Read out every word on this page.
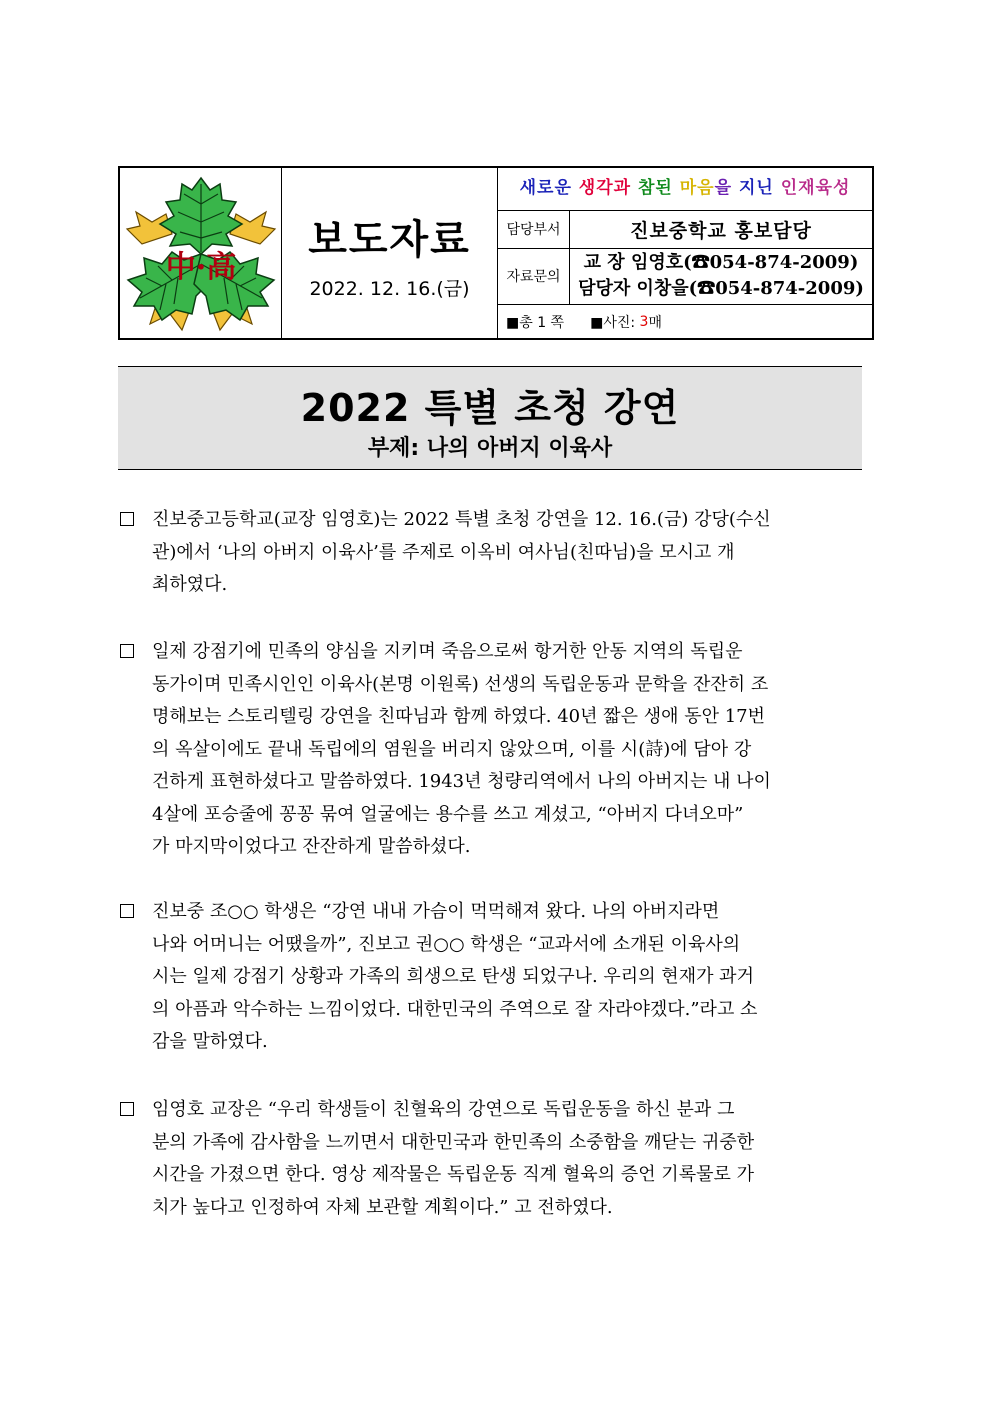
中·高
보도자료
2022. 12. 16.(금)
새로운 생각과 참된 마음을 지닌 인재육성
담당부서	진보중학교 홍보담당
자료문의
교 장 임영호(☎054-874-2009)
담당자 이창을(☎054-874-2009)
■총 1 쪽 ■사진:
3 매
2022 특별 초청 강연
부제: 나의 아버지 이육사
진보중고등학교(교장 임영호)는 2022 특별 초청 강연을 12. 16.(금) 강당(수신
관)에서 ‘나의 아버지 이육사’를 주제로 이옥비 여사님(친따님)을 모시고 개
최하였다.
일제 강점기에 민족의 양심을 지키며 죽음으로써 항거한 안동 지역의 독립운
동가이며 민족시인인 이육사(본명 이원록) 선생의 독립운동과 문학을 잔잔히 조
명해보는 스토리텔링 강연을 친따님과 함께 하였다. 40년 짧은 생애 동안 17번
의 옥살이에도 끝내 독립에의 염원을 버리지 않았으며, 이를 시(詩)에 담아 강
건하게 표현하셨다고 말씀하였다. 1943년 청량리역에서 나의 아버지는 내 나이
4살에 포승줄에 꽁꽁 묶여 얼굴에는 용수를 쓰고 계셨고, “아버지 다녀오마”
가 마지막이었다고 잔잔하게 말씀하셨다.
진보중 조○○ 학생은 “강연 내내 가슴이 먹먹해져 왔다. 나의 아버지라면
나와 어머니는 어땠을까”, 진보고 권○○ 학생은 “교과서에 소개된 이육사의
시는 일제 강점기 상황과 가족의 희생으로 탄생 되었구나. 우리의 현재가 과거
의 아픔과 악수하는 느낌이었다. 대한민국의 주역으로 잘 자라야겠다.”라고 소
감을 말하였다.
임영호 교장은 “우리 학생들이 친혈육의 강연으로 독립운동을 하신 분과 그
분의 가족에 감사함을 느끼면서 대한민국과 한민족의 소중함을 깨닫는 귀중한
시간을 가졌으면 한다. 영상 제작물은 독립운동 직계 혈육의 증언 기록물로 가
치가 높다고 인정하여 자체 보관할 계획이다.” 고 전하였다.
